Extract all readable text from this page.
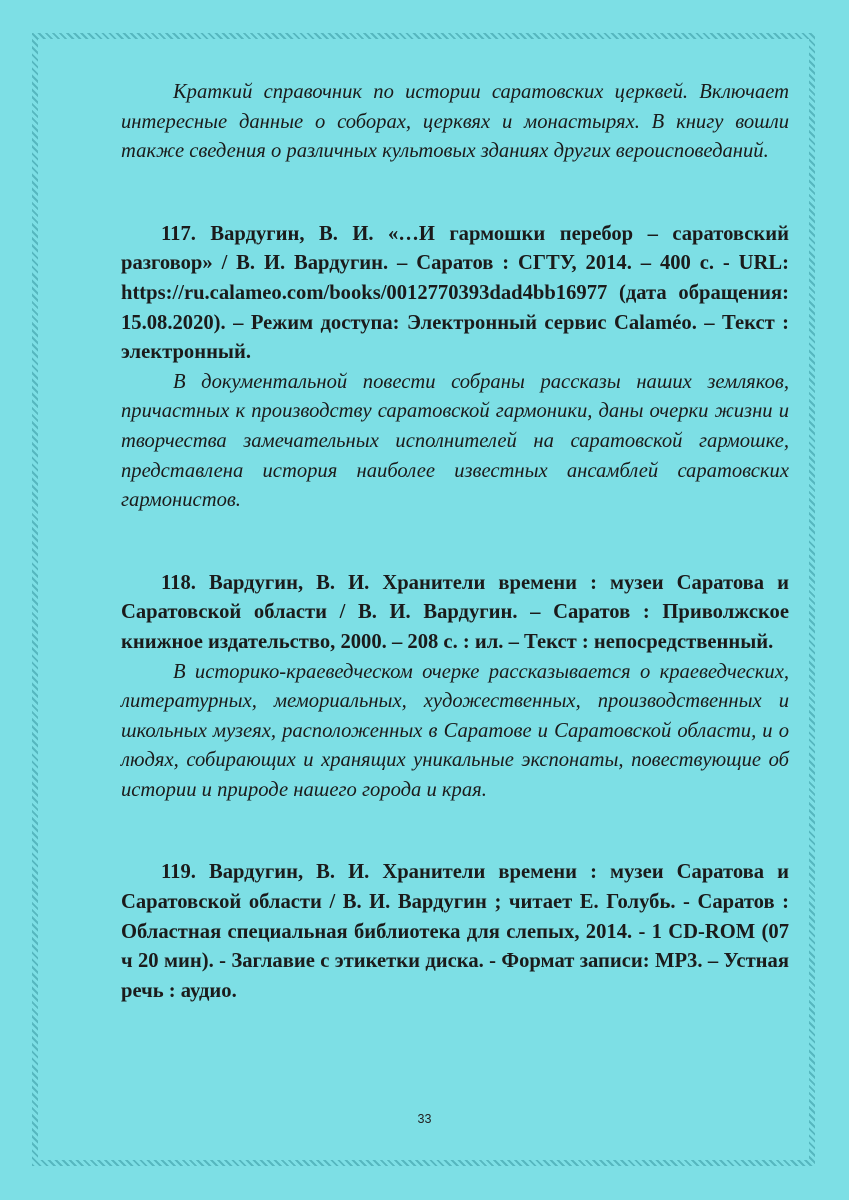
Краткий справочник по истории саратовских церквей. Включает интересные данные о соборах, церквях и монастырях. В книгу вошли также сведения о различных культовых зданиях других вероисповеданий.

117. Вардугин, В. И. «…И гармошки перебор – саратовский разговор» / В. И. Вардугин. – Саратов : СГТУ, 2014. – 400 с. - URL: https://ru.calameo.com/books/0012770393dad4bb16977 (дата обращения: 15.08.2020). – Режим доступа: Электронный сервис Calaméo. – Текст : электронный.

В документальной повести собраны рассказы наших земляков, причастных к производству саратовской гармоники, даны очерки жизни и творчества замечательных исполнителей на саратовской гармошке, представлена история наиболее известных ансамблей саратовских гармонистов.

118. Вардугин, В. И. Хранители времени : музеи Саратова и Саратовской области / В. И. Вардугин. – Саратов : Приволжское книжное издательство, 2000. – 208 с. : ил. – Текст : непосредственный.

В историко-краеведческом очерке рассказывается о краеведческих, литературных, мемориальных, художественных, производственных и школьных музеях, расположенных в Саратове и Саратовской области, и о людях, собирающих и хранящих уникальные экспонаты, повествующие об истории и природе нашего города и края.

119. Вардугин, В. И. Хранители времени : музеи Саратова и Саратовской области / В. И. Вардугин ; читает Е. Голубь. - Саратов : Областная специальная библиотека для слепых, 2014. - 1 CD-ROM (07 ч 20 мин). - Заглавие с этикетки диска. - Формат записи: MP3. – Устная речь : аудио.

33
